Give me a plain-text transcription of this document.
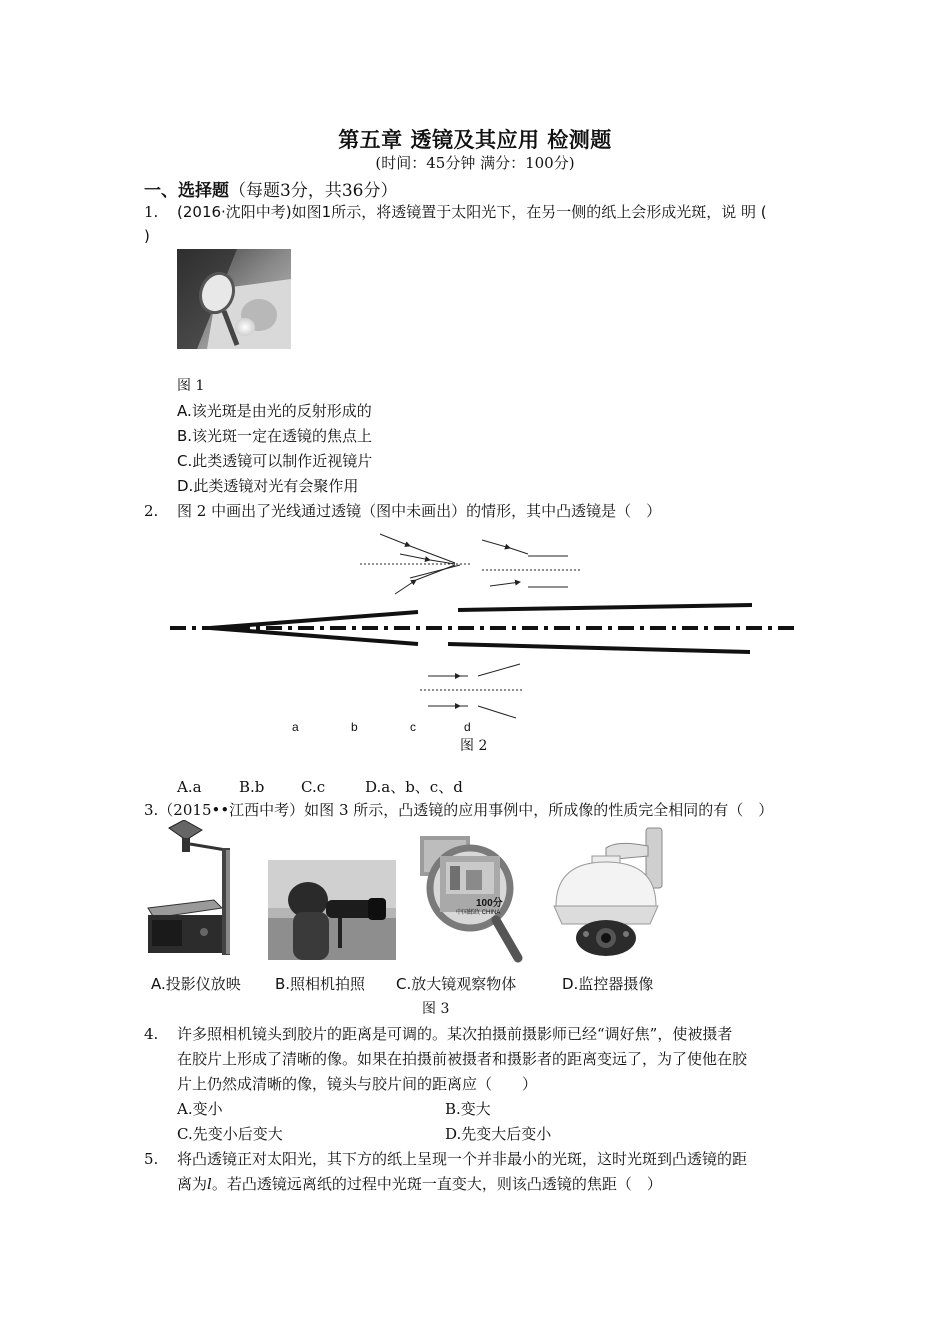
第五章 透镜及其应用 检测题
(时间：45分钟 满分：100分)
一、选择题（每题3分，共36分）
1. (2016·沈阳中考)如图1所示，将透镜置于太阳光下，在另一侧的纸上会形成光斑，说 明 (
)
图 1
A.该光斑是由光的反射形成的
B.该光斑一定在透镜的焦点上
C.此类透镜可以制作近视镜片
D.此类透镜对光有会聚作用
2. 图 2 中画出了光线通过透镜（图中未画出）的情形，其中凸透镜是（　）
a	b	c	d
图 2
A.a B.b C.c	D.a、b、c、d
3.（2015••江西中考）如图 3 所示，凸透镜的应用事例中，所成像的性质完全相同的有（　）
100分
中国邮政 CHINA
A.投影仪放映 B.照相机拍照 C.放大镜观察物体	D.监控器摄像
图 3
4. 许多照相机镜头到胶片的距离是可调的。某次拍摄前摄影师已经“调好焦”，使被摄者
在胶片上形成了清晰的像。如果在拍摄前被摄者和摄影者的距离变远了，为了使他在胶
片上仍然成清晰的像，镜头与胶片间的距离应（　　）
A.变小	B.变大
C.先变小后变大	D.先变大后变小
5. 将凸透镜正对太阳光，其下方的纸上呈现一个并非最小的光斑，这时光斑到凸透镜的距
离为l。若凸透镜远离纸的过程中光斑一直变大，则该凸透镜的焦距（　）
